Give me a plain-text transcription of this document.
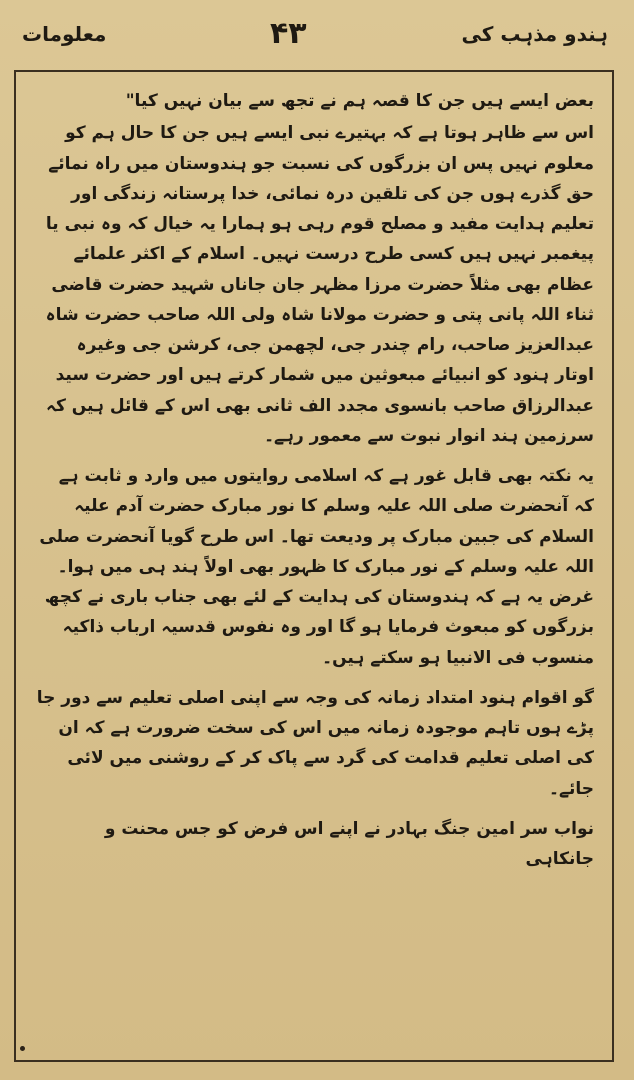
معلومات	۴۳	ہندو مذہب کی

بعض ایسے ہیں جن کا قصہ ہم نے تجھ سے بیان نہیں کیا"

اس سے ظاہر ہوتا ہے کہ بہتیرے نبی ایسے ہیں جن کا حال ہم کو معلوم نہیں پس ان بزرگوں کی نسبت جو ہندوستان میں راہ نمائے حق گذرے ہوں جن کی تلقین درہ نمائی، خدا پرستانہ زندگی اور تعلیم ہدایت مفید و مصلح قوم رہی ہو ہمارا یہ خیال کہ وہ نبی یا پیغمبر نہیں ہیں کسی طرح درست نہیں۔ اسلام کے اکثر علمائے عظام بھی مثلاً حضرت مرزا مظہر جان جاناں شہید حضرت قاضی ثناء اللہ پانی پتی و حضرت مولانا شاہ ولی اللہ صاحب حضرت شاہ عبدالعزیز صاحب، رام چندر جی، لچھمن جی، کرشن جی وغیرہ اوتار ہنود کو انبیائے مبعوثین میں شمار کرتے ہیں اور حضرت سید عبدالرزاق صاحب بانسوی مجدد الف ثانی بھی اس کے قائل ہیں کہ سرزمین ہند انوار نبوت سے معمور رہے۔

یہ نکتہ بھی قابل غور ہے کہ اسلامی روایتوں میں وارد و ثابت ہے کہ آنحضرت صلی اللہ علیہ وسلم کا نور مبارک حضرت آدم علیہ السلام کی جبین مبارک پر ودیعت تھا۔ اس طرح گویا آنحضرت صلی اللہ علیہ وسلم کے نور مبارک کا ظہور بھی اولاً ہند ہی میں ہوا۔ غرض یہ ہے کہ ہندوستان کی ہدایت کے لئے بھی جناب باری نے کچھ بزرگوں کو مبعوث فرمایا ہو گا اور وہ نفوس قدسیہ ارباب ذاکیہ منسوب فی الانبیا ہو سکتے ہیں۔

گو اقوام ہنود امتداد زمانہ کی وجہ سے اپنی اصلی تعلیم سے دور جا پڑے ہوں تاہم موجودہ زمانہ میں اس کی سخت ضرورت ہے کہ ان کی اصلی تعلیم قدامت کی گرد سے پاک کر کے روشنی میں لائی جائے۔

نواب سر امین جنگ بہادر نے اپنے اس فرض کو جس محنت و جانکاہی
